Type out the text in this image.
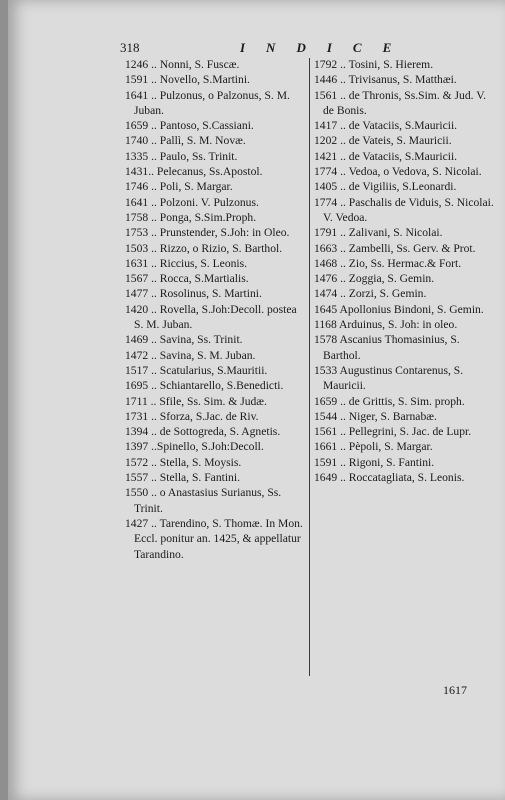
318	INDICE

1246 .. Nonni, S. Fuscæ.

1591 .. Novello, S.Martini.

1641 .. Pulzonus, o Palzonus, S. M. Juban.

1659 .. Pantoso, S.Cassiani.

1740 .. Pallì, S. M. Novæ.

1335 .. Paulo, Ss. Trinit.

1431.. Pelecanus, Ss.Apostol.

1746 .. Poli, S. Margar.

1641 .. Polzoni. V. Pulzonus.

1758 .. Ponga, S.Sim.Proph.

1753 .. Prunstender, S.Joh: in Oleo.

1503 .. Rizzo, o Rizio, S. Barthol.

1631 .. Riccius, S. Leonis.

1567 .. Rocca, S.Martialis.

1477 .. Rosolinus, S. Martini.

1420 .. Rovella, S.Joh:Decoll. postea S. M. Juban.

1469 .. Savina, Ss. Trinit.

1472 .. Savina, S. M. Juban.

1517 .. Scatularius, S.Mauritii.

1695 .. Schiantarello, S.Benedicti.

1711 .. Sfile, Ss. Sim. & Judæ.

1731 .. Sforza, S.Jac. de Riv.

1394 .. de Sottogreda, S. Agnetis.

1397 ..Spinello, S.Joh:Decoll.

1572 .. Stella, S. Moysis.

1557 .. Stella, S. Fantini.

1550 .. o Anastasius Surianus, Ss. Trinit.

1427 .. Tarendino, S. Thomæ. In Mon. Eccl. ponitur an. 1425, & appellatur Tarandino.

1792 .. Tosini, S. Hierem.

1446 .. Trivisanus, S. Matthæi.

1561 .. de Thronis, Ss.Sim. & Jud. V. de Bonis.

1417 .. de Vataciis, S.Mauricii.

1202 .. de Vateis, S. Mauricii.

1421 .. de Vataciis, S.Mauricii.

1774 .. Vedoa, o Vedova, S. Nicolai.

1405 .. de Vigiliis, S.Leonardi.

1774 .. Paschalis de Viduis, S. Nicolai. V. Vedoa.

1791 .. Zalivani, S. Nicolai.

1663 .. Zambelli, Ss. Gerv. & Prot.

1468 .. Zio, Ss. Hermac.& Fort.

1476 .. Zoggia, S. Gemin.

1474 .. Zorzi, S. Gemin.

1645 Apollonius Bindoni, S. Gemin.

1168 Arduinus, S. Joh: in oleo.

1578 Ascanius Thomasinius, S. Barthol.

1533 Augustinus Contarenus, S. Mauricii.

1659 .. de Grittis, S. Sim. proph.

1544 .. Niger, S. Barnabæ.

1561 .. Pellegrini, S. Jac. de Lupr.

1661 .. Pèpoli, S. Margar.

1591 .. Rigoni, S. Fantini.

1649 .. Roccatagliata, S. Leonis.

1617
